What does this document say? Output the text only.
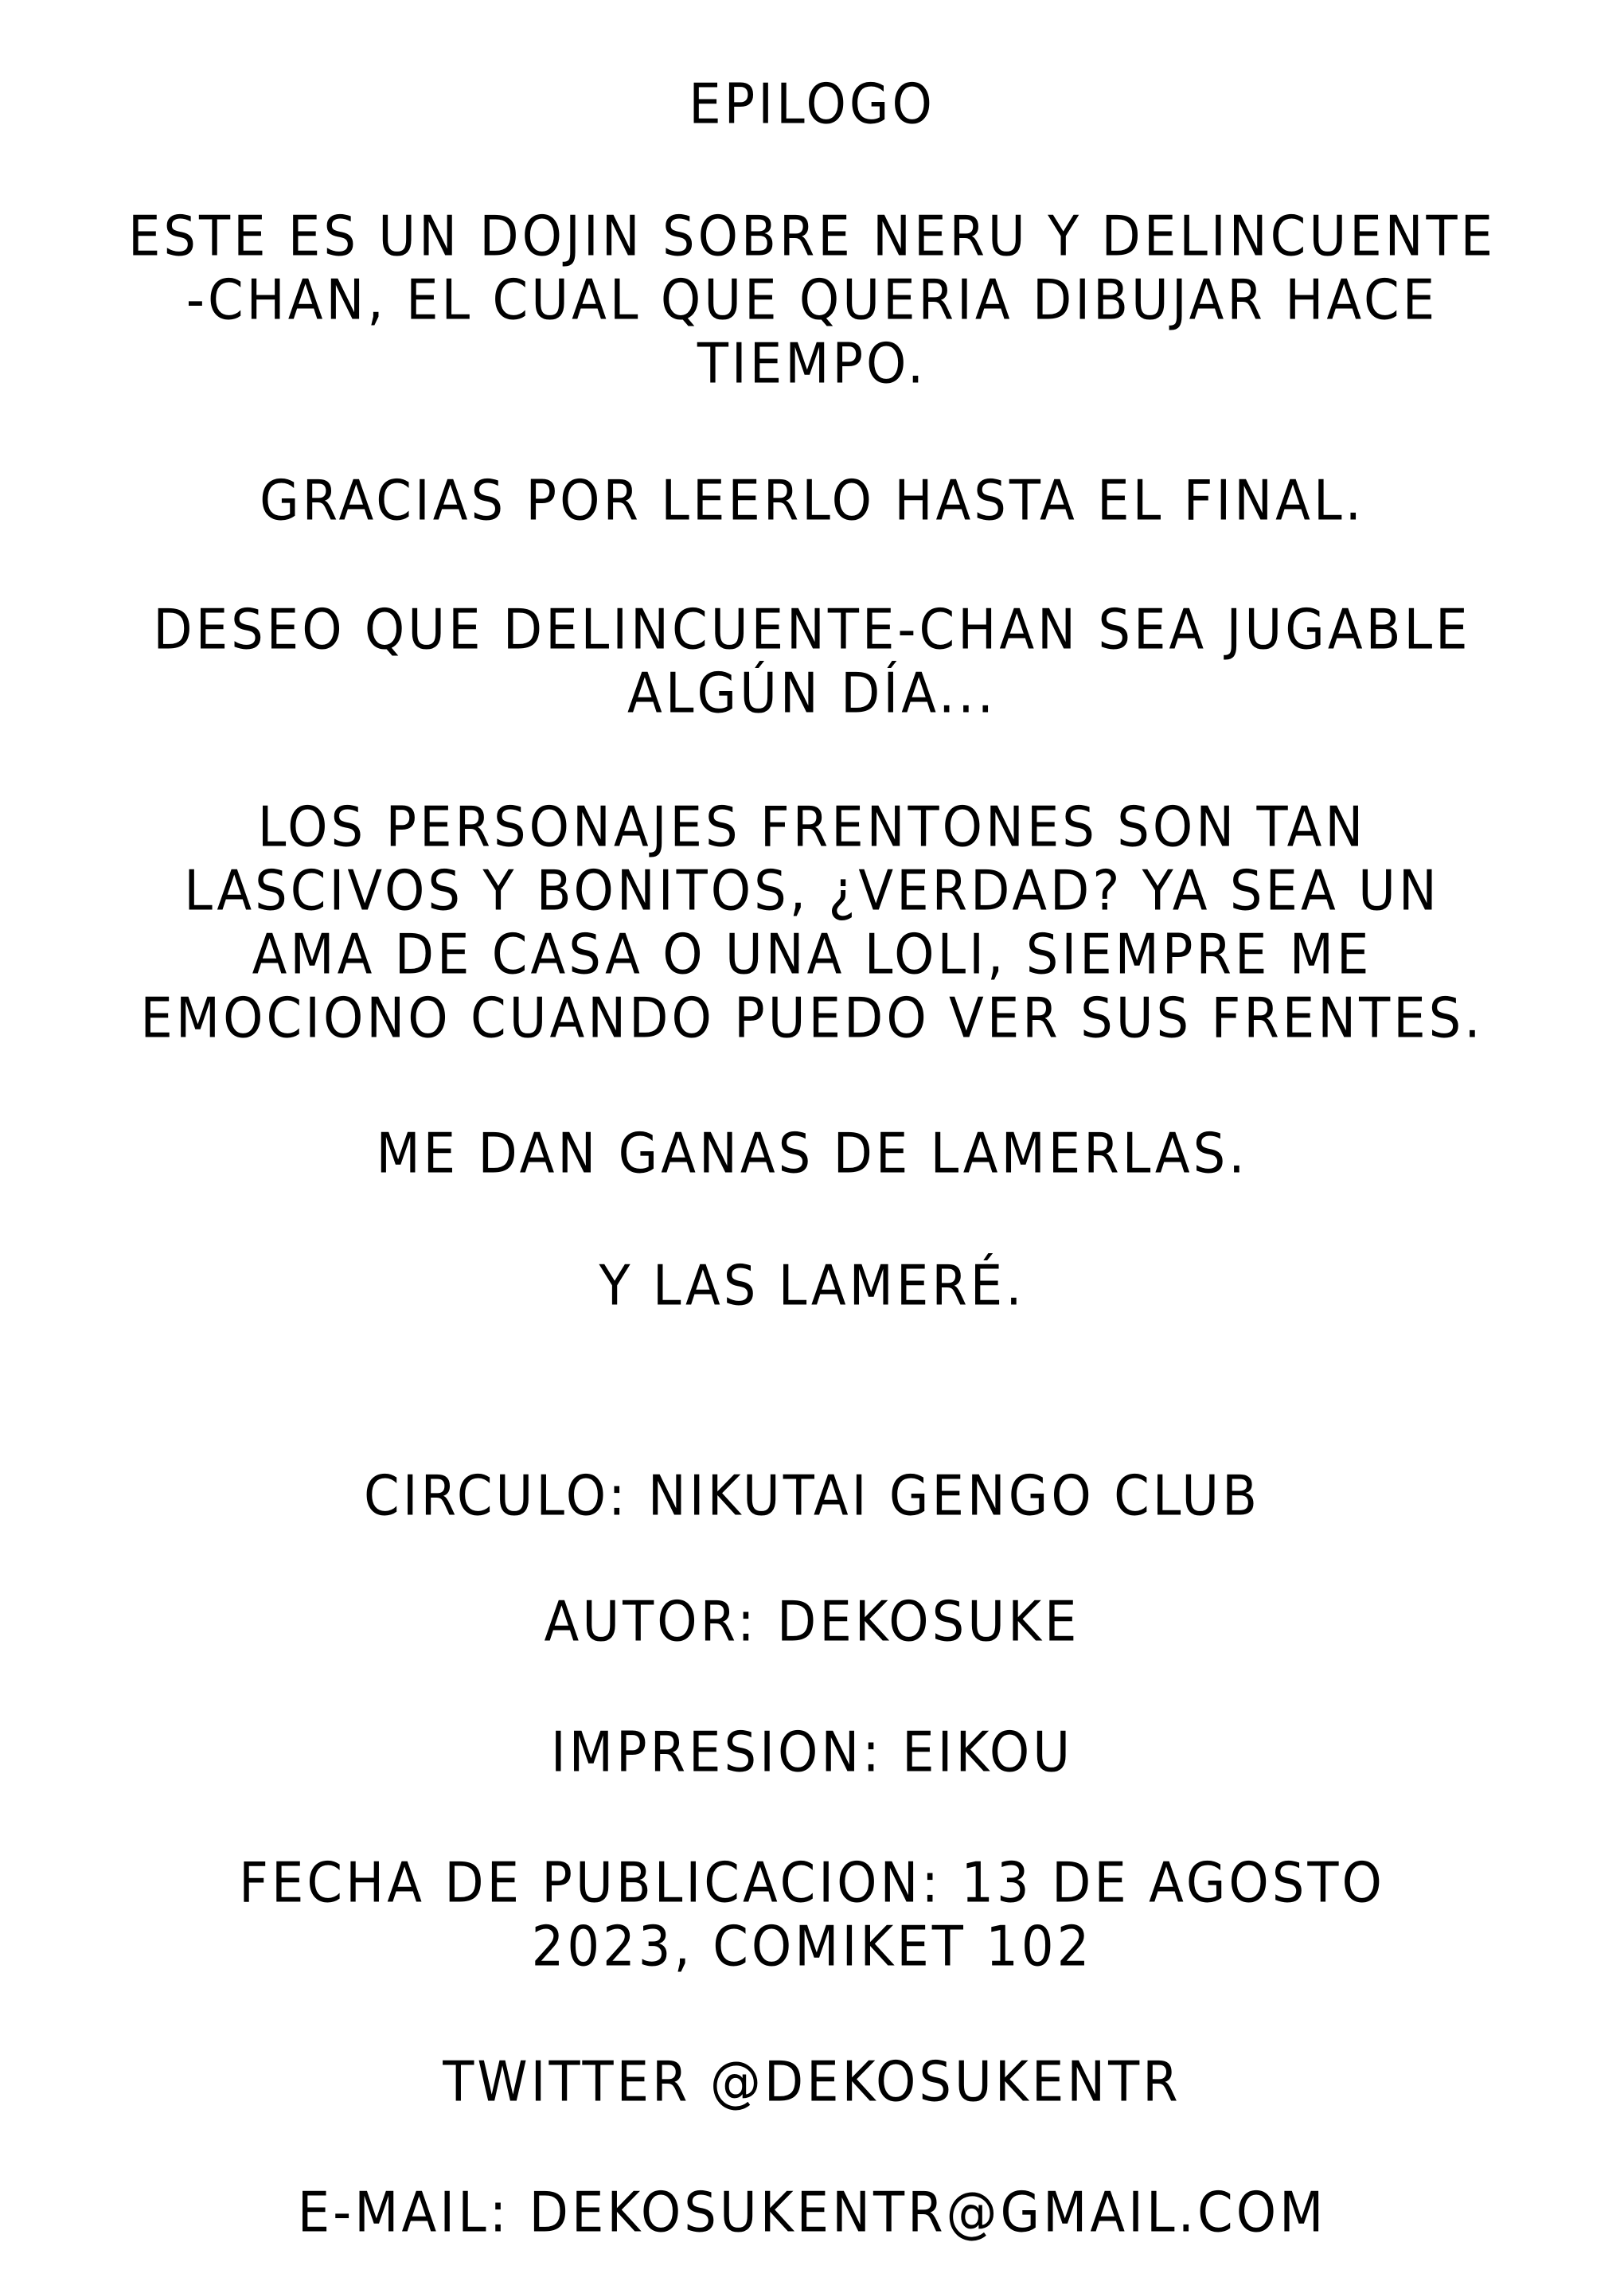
EPILOGO
ESTE ES UN DOJIN SOBRE NERU Y DELINCUENTE
-CHAN, EL CUAL QUE QUERIA DIBUJAR HACE
TIEMPO.
GRACIAS POR LEERLO HASTA EL FINAL.
DESEO QUE DELINCUENTE-CHAN SEA JUGABLE
ALGÚN DÍA...
LOS PERSONAJES FRENTONES SON TAN
LASCIVOS Y BONITOS, ¿VERDAD? YA SEA UN
AMA DE CASA O UNA LOLI, SIEMPRE ME
EMOCIONO CUANDO PUEDO VER SUS FRENTES.
ME DAN GANAS DE LAMERLAS.
Y LAS LAMERÉ.
CIRCULO: NIKUTAI GENGO CLUB
AUTOR: DEKOSUKE
IMPRESION: EIKOU
FECHA DE PUBLICACION: 13 DE AGOSTO
2023, COMIKET 102
TWITTER @DEKOSUKENTR
E-MAIL: DEKOSUKENTR@GMAIL.COM
